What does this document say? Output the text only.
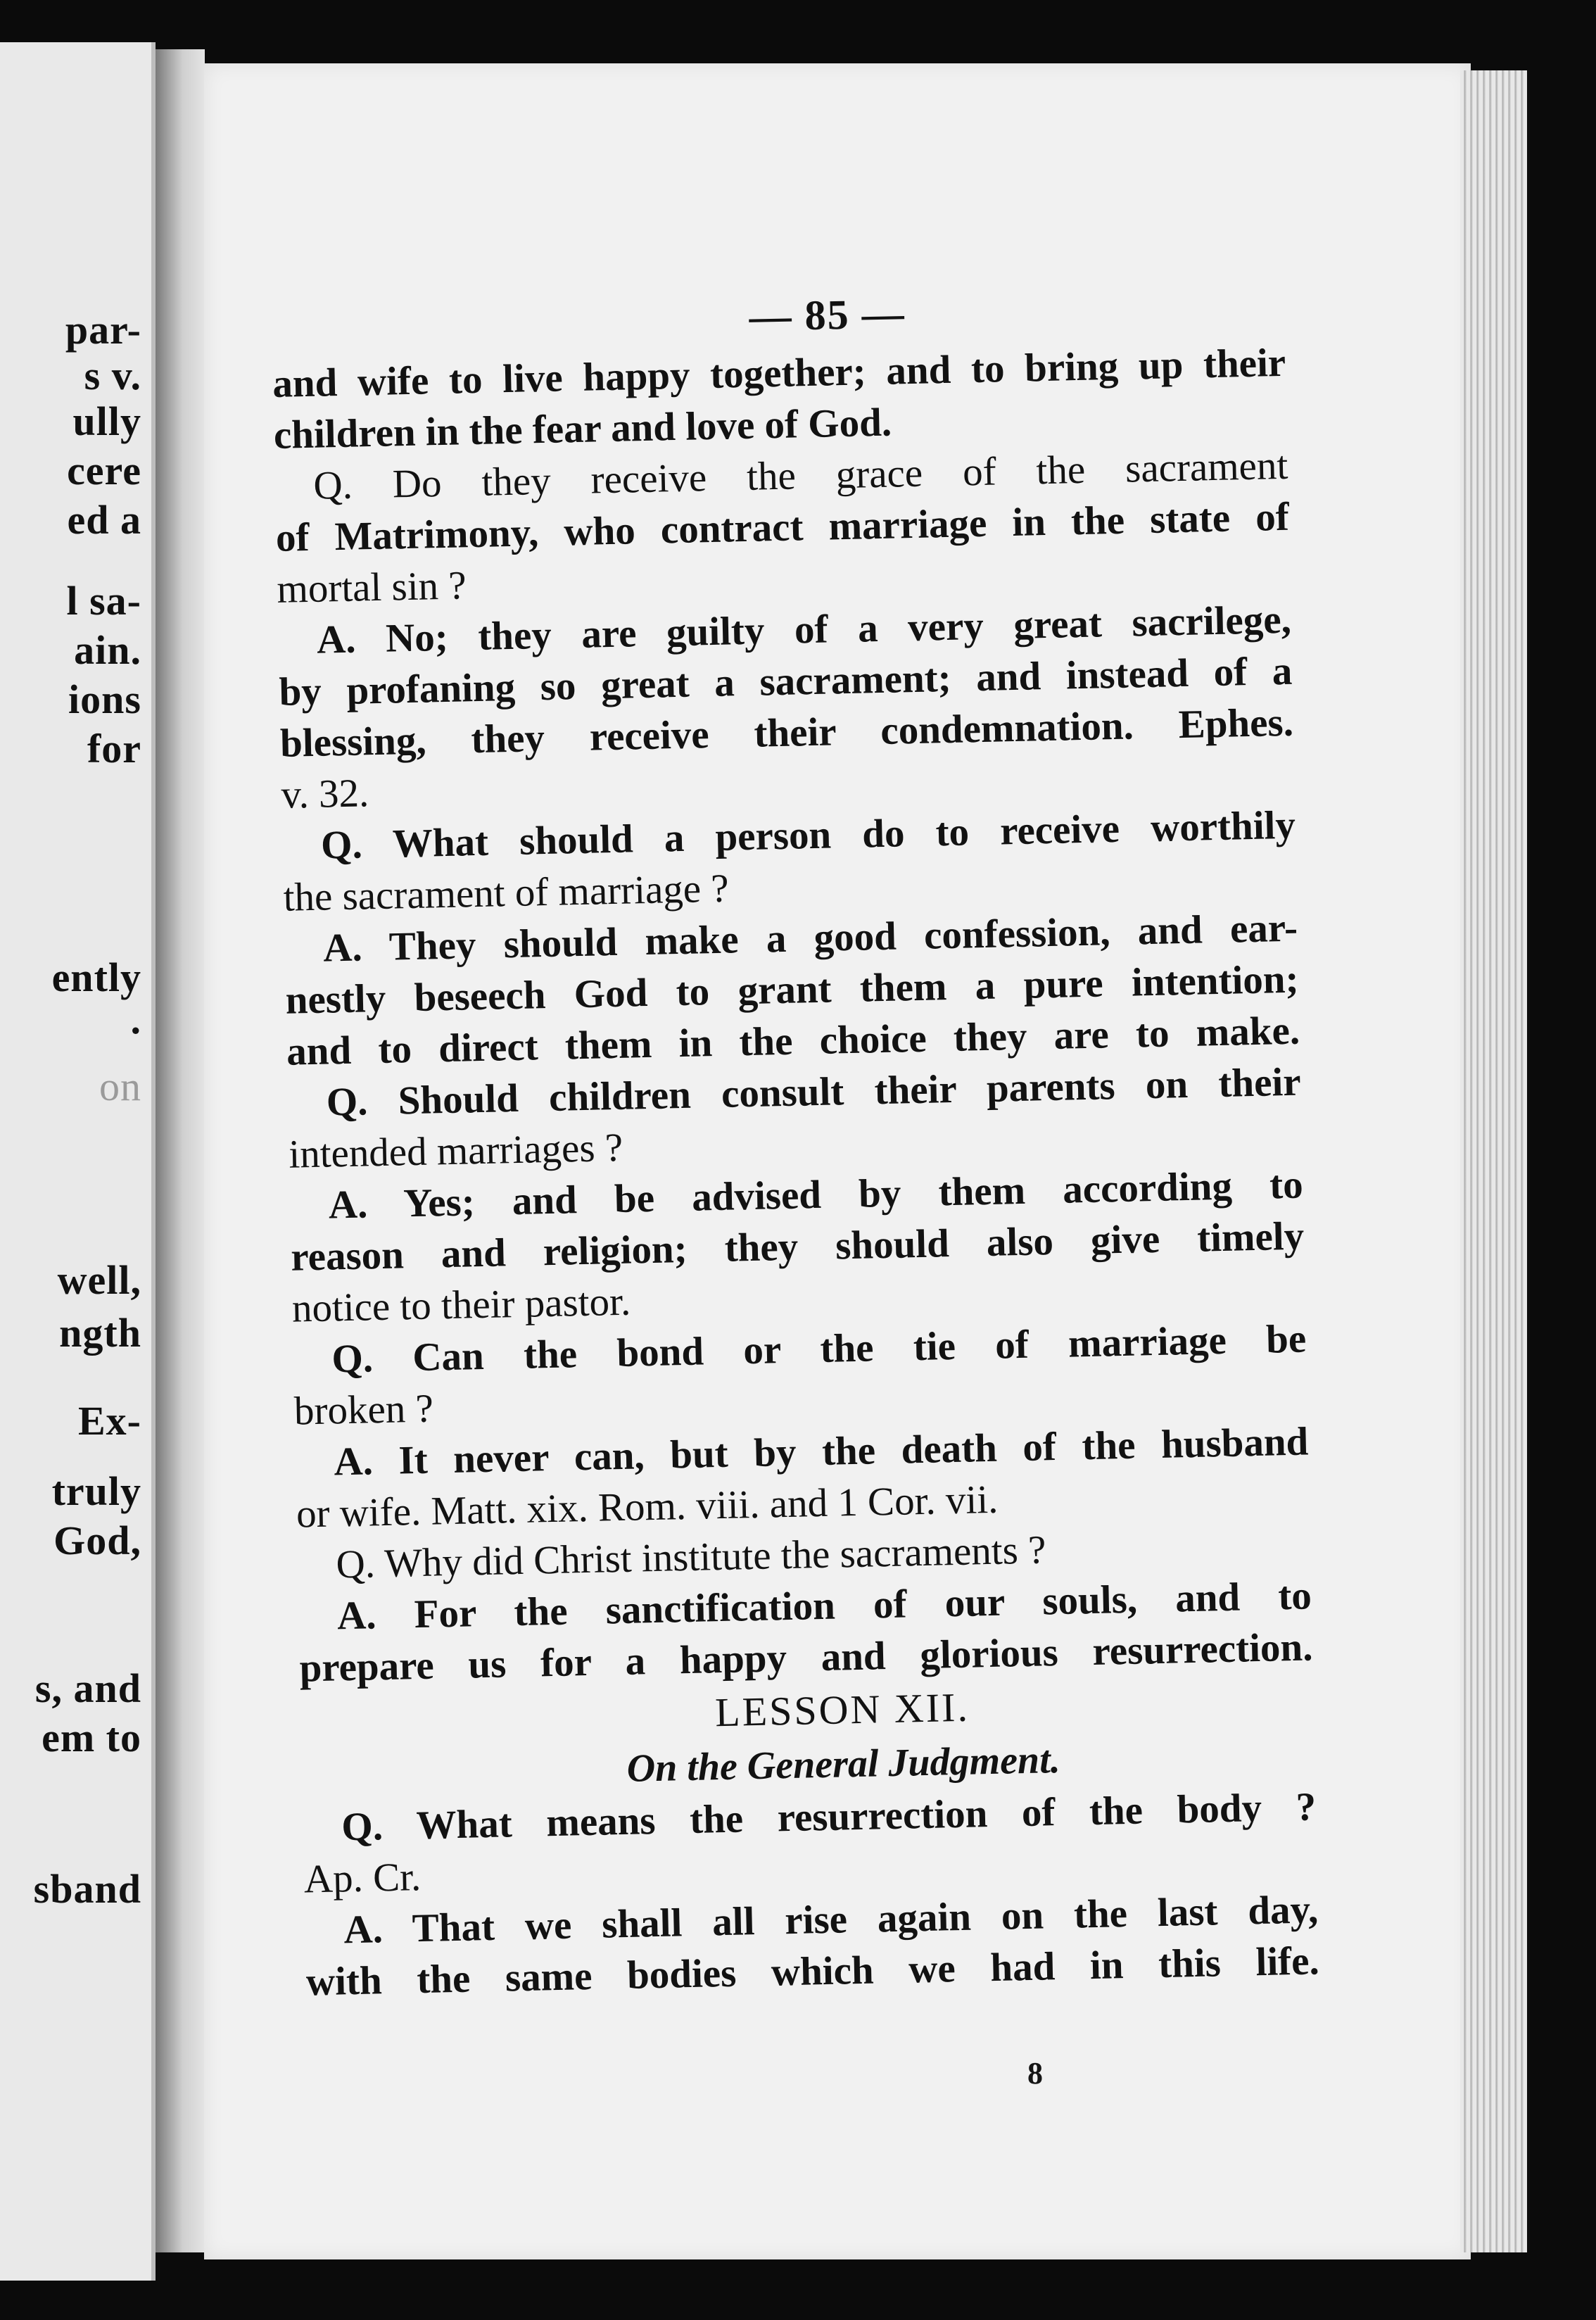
par-
s v.
ully
cere
ed a
l sa-
ain.
ions
for
ently
.
on
well,
ngth
Ex-
truly
God,
s, and
em to
sband
— 85 —
and wife to live happy together; and to bring up their
children in the fear and love of God.
Q. Do they receive the grace of the sacrament
of Matrimony, who contract marriage in the state of
mortal sin ?
A. No; they are guilty of a very great sacrilege,
by profaning so great a sacrament; and instead of a
blessing, they receive their condemnation. Ephes.
v. 32.
Q. What should a person do to receive worthily
the sacrament of marriage ?
A. They should make a good confession, and ear-
nestly beseech God to grant them a pure intention;
and to direct them in the choice they are to make.
Q. Should children consult their parents on their
intended marriages ?
A. Yes; and be advised by them according to
reason and religion; they should also give timely
notice to their pastor.
Q. Can the bond or the tie of marriage be
broken ?
A. It never can, but by the death of the husband
or wife. Matt. xix. Rom. viii. and 1 Cor. vii.
Q. Why did Christ institute the sacraments ?
A. For the sanctification of our souls, and to
prepare us for a happy and glorious resurrection.
LESSON XII.
On the General Judgment.
Q. What means the resurrection of the body ?
Ap. Cr.
A. That we shall all rise again on the last day,
with the same bodies which we had in this life.
8
